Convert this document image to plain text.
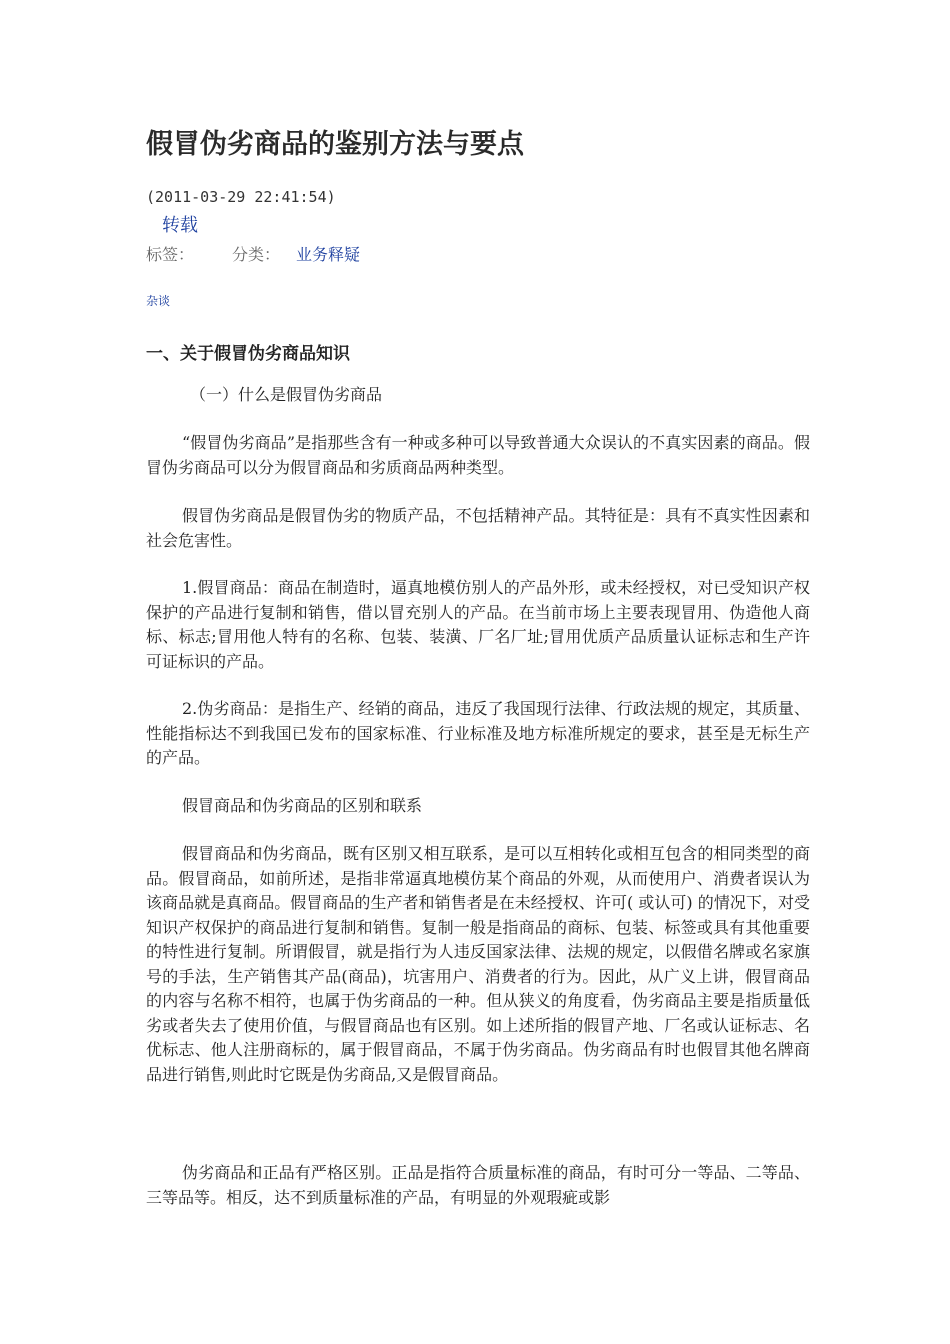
假冒伪劣商品的鉴别方法与要点
(2011-03-29 22:41:54)
转载
标签： 分类： 业务释疑
杂谈
一、关于假冒伪劣商品知识

（一）什么是假冒伪劣商品

“假冒伪劣商品”是指那些含有一种或多种可以导致普通大众误认的不真实因素的商品。假冒伪劣商品可以分为假冒商品和劣质商品两种类型。

假冒伪劣商品是假冒伪劣的物质产品，不包括精神产品。其特征是：具有不真实性因素和社会危害性。

1.假冒商品：商品在制造时，逼真地模仿别人的产品外形，或未经授权，对已受知识产权保护的产品进行复制和销售，借以冒充别人的产品。在当前市场上主要表现冒用、伪造他人商标、标志;冒用他人特有的名称、包装、装潢、厂名厂址;冒用优质产品质量认证标志和生产许可证标识的产品。

2.伪劣商品：是指生产、经销的商品，违反了我国现行法律、行政法规的规定，其质量、性能指标达不到我国已发布的国家标准、行业标准及地方标准所规定的要求，甚至是无标生产的产品。

假冒商品和伪劣商品的区别和联系

假冒商品和伪劣商品，既有区别又相互联系，是可以互相转化或相互包含的相同类型的商品。假冒商品，如前所述，是指非常逼真地模仿某个商品的外观，从而使用户、消费者误认为该商品就是真商品。假冒商品的生产者和销售者是在未经授权、许可( 或认可) 的情况下，对受知识产权保护的商品进行复制和销售。复制一般是指商品的商标、包装、标签或具有其他重要的特性进行复制。所谓假冒，就是指行为人违反国家法律、法规的规定，以假借名牌或名家旗号的手法，生产销售其产品(商品)，坑害用户、消费者的行为。因此，从广义上讲，假冒商品的内容与名称不相符，也属于伪劣商品的一种。但从狭义的角度看，伪劣商品主要是指质量低劣或者失去了使用价值，与假冒商品也有区别。如上述所指的假冒产地、厂名或认证标志、名优标志、他人注册商标的，属于假冒商品，不属于伪劣商品。伪劣商品有时也假冒其他名牌商品进行销售,则此时它既是伪劣商品,又是假冒商品。

伪劣商品和正品有严格区别。正品是指符合质量标准的商品，有时可分一等品、二等品、三等品等。相反，达不到质量标准的产品，有明显的外观瑕疵或影
